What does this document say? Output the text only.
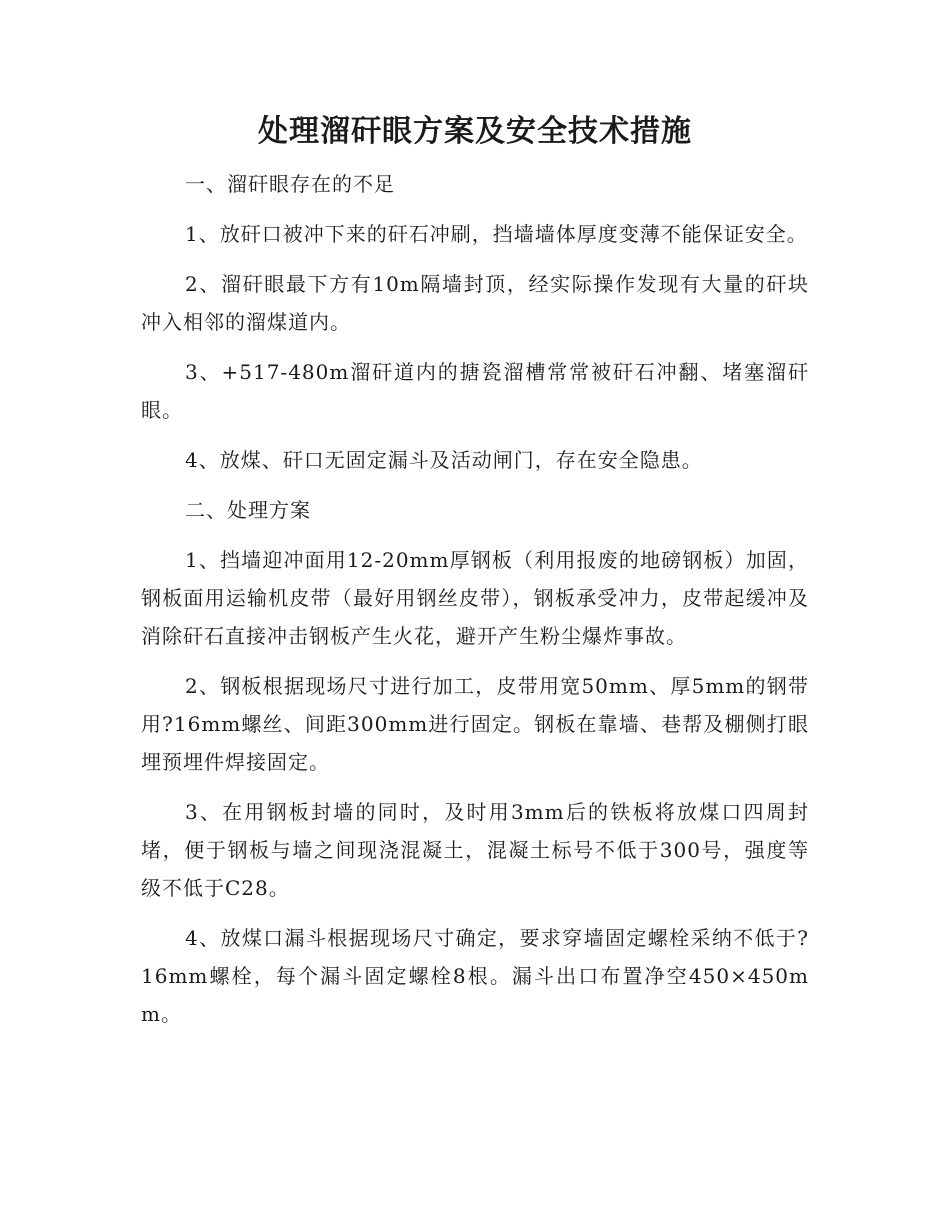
处理溜矸眼方案及安全技术措施

一、溜矸眼存在的不足

1、放矸口被冲下来的矸石冲刷，挡墙墙体厚度变薄不能保证安全。

2、溜矸眼最下方有10m隔墙封顶，经实际操作发现有大量的矸块冲入相邻的溜煤道内。

3、+517-480m溜矸道内的搪瓷溜槽常常被矸石冲翻、堵塞溜矸眼。

4、放煤、矸口无固定漏斗及活动闸门，存在安全隐患。

二、处理方案

1、挡墙迎冲面用12-20mm厚钢板（利用报废的地磅钢板）加固，钢板面用运输机皮带（最好用钢丝皮带），钢板承受冲力，皮带起缓冲及消除矸石直接冲击钢板产生火花，避开产生粉尘爆炸事故。

2、钢板根据现场尺寸进行加工，皮带用宽50mm、厚5mm的钢带用?16mm螺丝、间距300mm进行固定。钢板在靠墙、巷帮及棚侧打眼埋预埋件焊接固定。

3、在用钢板封墙的同时，及时用3mm后的铁板将放煤口四周封堵，便于钢板与墙之间现浇混凝土，混凝土标号不低于300号，强度等级不低于C28。

4、放煤口漏斗根据现场尺寸确定，要求穿墙固定螺栓采纳不低于?16mm螺栓，每个漏斗固定螺栓8根。漏斗出口布置净空450×450mm。
